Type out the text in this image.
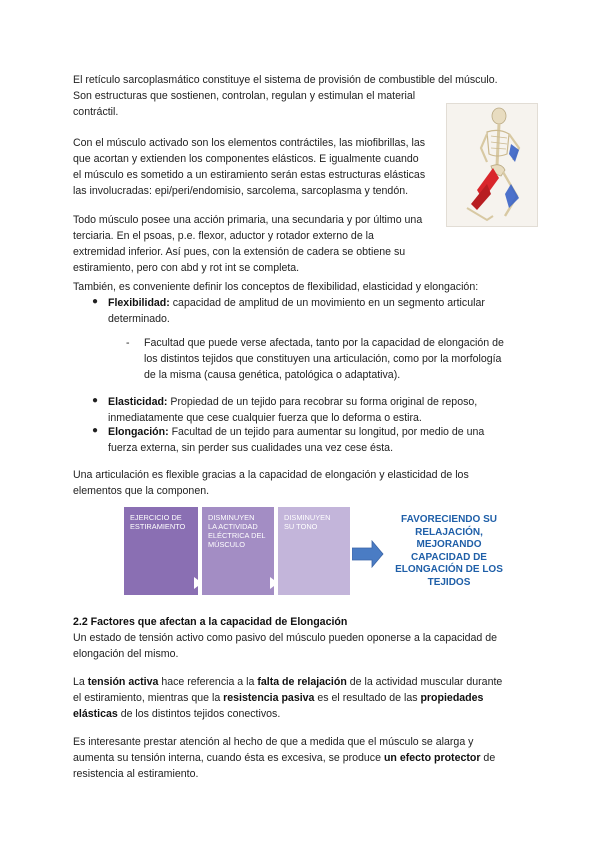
El retículo sarcoplasmático constituye el sistema de provisión de combustible del músculo.

Son estructuras que sostienen, controlan, regulan y estimulan el material

contráctil.

Con el músculo activado son los elementos contráctiles, las miofibrillas, las

que acortan y extienden los componentes elásticos. E igualmente cuando

el músculo es sometido a un estiramiento serán estas estructuras elásticas

las involucradas: epi/peri/endomisio, sarcolema, sarcoplasma y tendón.

Todo músculo posee una acción primaria, una secundaria y por último una

terciaria. En el psoas, p.e. flexor, aductor y rotador externo de la

extremidad inferior. Así pues, con la extensión de cadera se obtiene su

estiramiento, pero con abd y rot int se completa.

También, es conveniente definir los conceptos de flexibilidad, elasticidad y elongación:

● Flexibilidad: capacidad de amplitud de un movimiento en un segmento articular

determinado.

- Facultad que puede verse afectada, tanto por la capacidad de elongación de

los distintos tejidos que constituyen una articulación, como por la morfología

de la misma (causa genética, patológica o adaptativa).

● Elasticidad: Propiedad de un tejido para recobrar su forma original de reposo,

inmediatamente que cese cualquier fuerza que lo deforma o estira.

● Elongación: Facultad de un tejido para aumentar su longitud, por medio de una

fuerza externa, sin perder sus cualidades una vez cese ésta.

Una articulación es flexible gracias a la capacidad de elongación y elasticidad de los

elementos que la componen.

EJERCICIO DE
ESTIRAMIENTO
DISMINUYEN
LA ACTIVIDAD
ELÉCTRICA DEL
MÚSCULO
DISMINUYEN
SU TONO
FAVORECIENDO SU
RELAJACIÓN,
MEJORANDO
CAPACIDAD DE
ELONGACIÓN DE LOS
TEJIDOS

2.2 Factores que afectan a la capacidad de Elongación

Un estado de tensión activo como pasivo del músculo pueden oponerse a la capacidad de

elongación del mismo.

La tensión activa hace referencia a la falta de relajación de la actividad muscular durante

el estiramiento, mientras que la resistencia pasiva es el resultado de las propiedades

elásticas de los distintos tejidos conectivos.

Es interesante prestar atención al hecho de que a medida que el músculo se alarga y

aumenta su tensión interna, cuando ésta es excesiva, se produce un efecto protector de

resistencia al estiramiento.
